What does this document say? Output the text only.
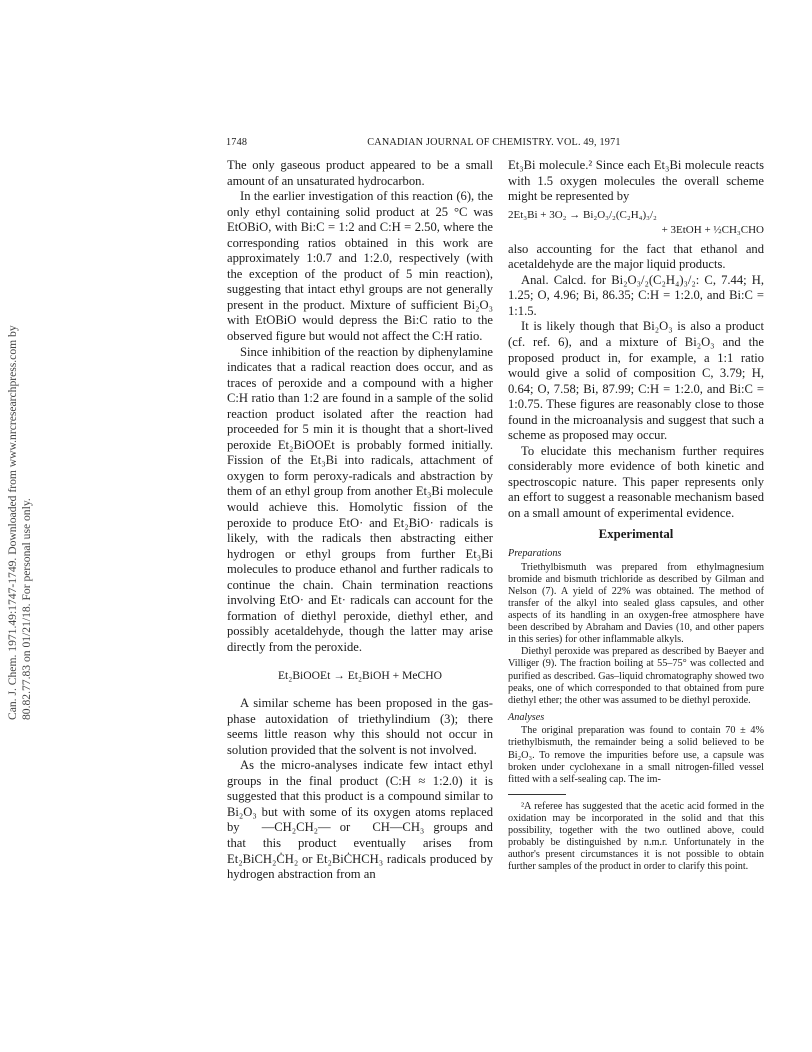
Can. J. Chem. 1971.49:1747-1749. Downloaded from www.nrcresearchpress.com by 80.82.77.83 on 01/21/18. For personal use only.
1748	CANADIAN JOURNAL OF CHEMISTRY. VOL. 49, 1971

The only gaseous product appeared to be a small amount of an unsaturated hydrocarbon.

In the earlier investigation of this reaction (6), the only ethyl containing solid product at 25 °C was EtOBiO, with Bi:C = 1:2 and C:H = 2.50, where the corresponding ratios obtained in this work are approximately 1:0.7 and 1:2.0, respectively (with the exception of the product of 5 min reaction), suggesting that intact ethyl groups are not generally present in the product. Mixture of sufficient Bi₂O₃ with EtOBiO would depress the Bi:C ratio to the observed figure but would not affect the C:H ratio.

Since inhibition of the reaction by diphenylamine indicates that a radical reaction does occur, and as traces of peroxide and a compound with a higher C:H ratio than 1:2 are found in a sample of the solid reaction product isolated after the reaction had proceeded for 5 min it is thought that a short-lived peroxide Et₂BiOOEt is probably formed initially. Fission of the Et₃Bi into radicals, attachment of oxygen to form peroxy-radicals and abstraction by them of an ethyl group from another Et₃Bi molecule would achieve this. Homolytic fission of the peroxide to produce EtO· and Et₂BiO· radicals is likely, with the radicals then abstracting either hydrogen or ethyl groups from further Et₃Bi molecules to produce ethanol and further radicals to continue the chain. Chain termination reactions involving EtO· and Et· radicals can account for the formation of diethyl peroxide, diethyl ether, and possibly acetaldehyde, though the latter may arise directly from the peroxide.

Et₂BiOOEt → Et₂BiOH + MeCHO

A similar scheme has been proposed in the gas-phase autoxidation of triethylindium (3); there seems little reason why this should not occur in solution provided that the solvent is not involved.

As the micro-analyses indicate few intact ethyl groups in the final product (C:H ≈ 1:2.0) it is suggested that this product is a compound similar to Bi₂O₃ but with some of its oxygen atoms replaced by —CH₂CH₂— or CH—CH₃ groups and that this product eventually arises from Et₂BiCH₂ĊH₂ or Et₂BiĊHCH₃ radicals produced by hydrogen abstraction from an

Et₃Bi molecule.² Since each Et₃Bi molecule reacts with 1.5 oxygen molecules the overall scheme might be represented by

2Et₃Bi + 3O₂ → Bi₂O₃/₂(C₂H₄)₃/₂

+ 3EtOH + ½CH₃CHO

also accounting for the fact that ethanol and acetaldehyde are the major liquid products.

Anal. Calcd. for Bi₂O₃/₂(C₂H₄)₃/₂: C, 7.44; H, 1.25; O, 4.96; Bi, 86.35; C:H = 1:2.0, and Bi:C = 1:1.5.

It is likely though that Bi₂O₃ is also a product (cf. ref. 6), and a mixture of Bi₂O₃ and the proposed product in, for example, a 1:1 ratio would give a solid of composition C, 3.79; H, 0.64; O, 7.58; Bi, 87.99; C:H = 1:2.0, and Bi:C = 1:0.75. These figures are reasonably close to those found in the microanalysis and suggest that such a scheme as proposed may occur.

To elucidate this mechanism further requires considerably more evidence of both kinetic and spectroscopic nature. This paper represents only an effort to suggest a reasonable mechanism based on a small amount of experimental evidence.

Experimental

Preparations

Triethylbismuth was prepared from ethylmagnesium bromide and bismuth trichloride as described by Gilman and Nelson (7). A yield of 22% was obtained. The method of transfer of the alkyl into sealed glass capsules, and other aspects of its handling in an oxygen-free atmosphere have been described by Abraham and Davies (10, and other papers in this series) for other inflammable alkyls.

Diethyl peroxide was prepared as described by Baeyer and Villiger (9). The fraction boiling at 55–75° was collected and purified as described. Gas–liquid chromatography showed two peaks, one of which corresponded to that obtained from pure diethyl ether; the other was assumed to be diethyl peroxide.

Analyses

The original preparation was found to contain 70 ± 4% triethylbismuth, the remainder being a solid believed to be Bi₂O₃. To remove the impurities before use, a capsule was broken under cyclohexane in a small nitrogen-filled vessel fitted with a self-sealing cap. The im-

²A referee has suggested that the acetic acid formed in the oxidation may be incorporated in the solid and that this possibility, together with the two outlined above, could probably be distinguished by n.m.r. Unfortunately in the author's present circumstances it is not possible to obtain further samples of the product in order to clarify this point.
